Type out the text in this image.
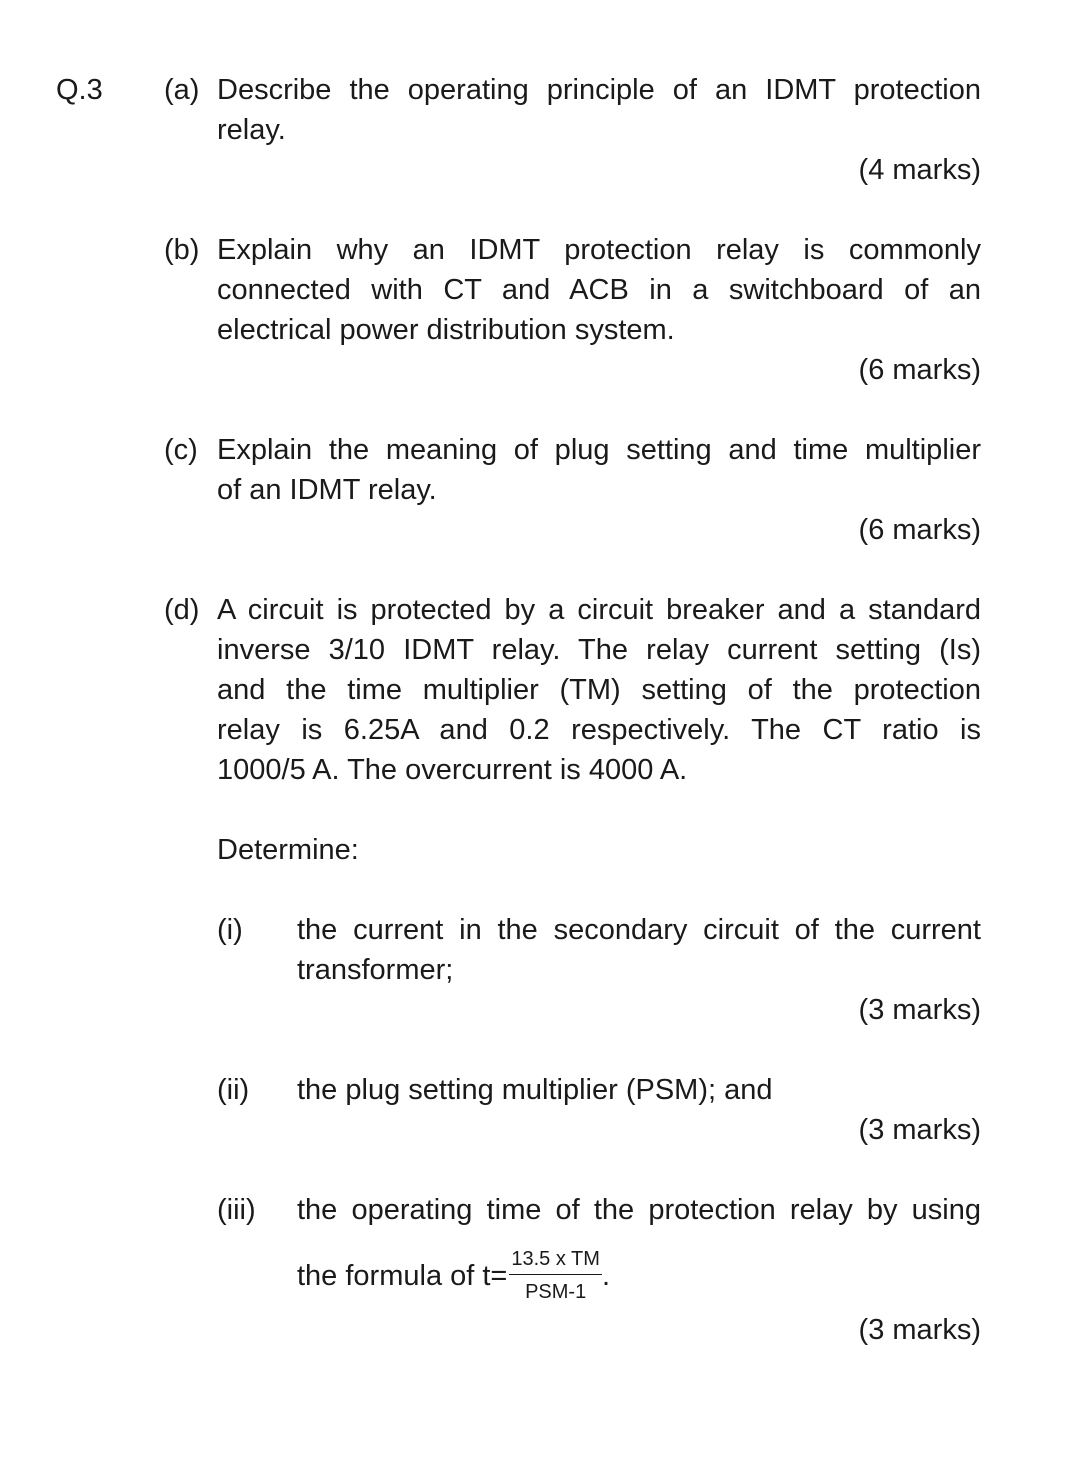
Q.3 (a) Describe the operating principle of an IDMT protection
relay.
(4 marks)
(b) Explain why an IDMT protection relay is commonly
connected with CT and ACB in a switchboard of an
electrical power distribution system.
(6 marks)
(c) Explain the meaning of plug setting and time multiplier
of an IDMT relay.
(6 marks)
(d) A circuit is protected by a circuit breaker and a standard
inverse 3/10 IDMT relay. The relay current setting (Is)
and the time multiplier (TM) setting of the protection
relay is 6.25A and 0.2 respectively. The CT ratio is
1000/5 A. The overcurrent is 4000 A.
Determine:
(i) the current in the secondary circuit of the current
transformer;
(3 marks)
(ii) the plug setting multiplier (PSM); and
(3 marks)
(iii) the operating time of the protection relay by using
the formula of $t= \frac{\text{13.5 x TM}}{\text{PSM-1}}$ .
(3 marks)
